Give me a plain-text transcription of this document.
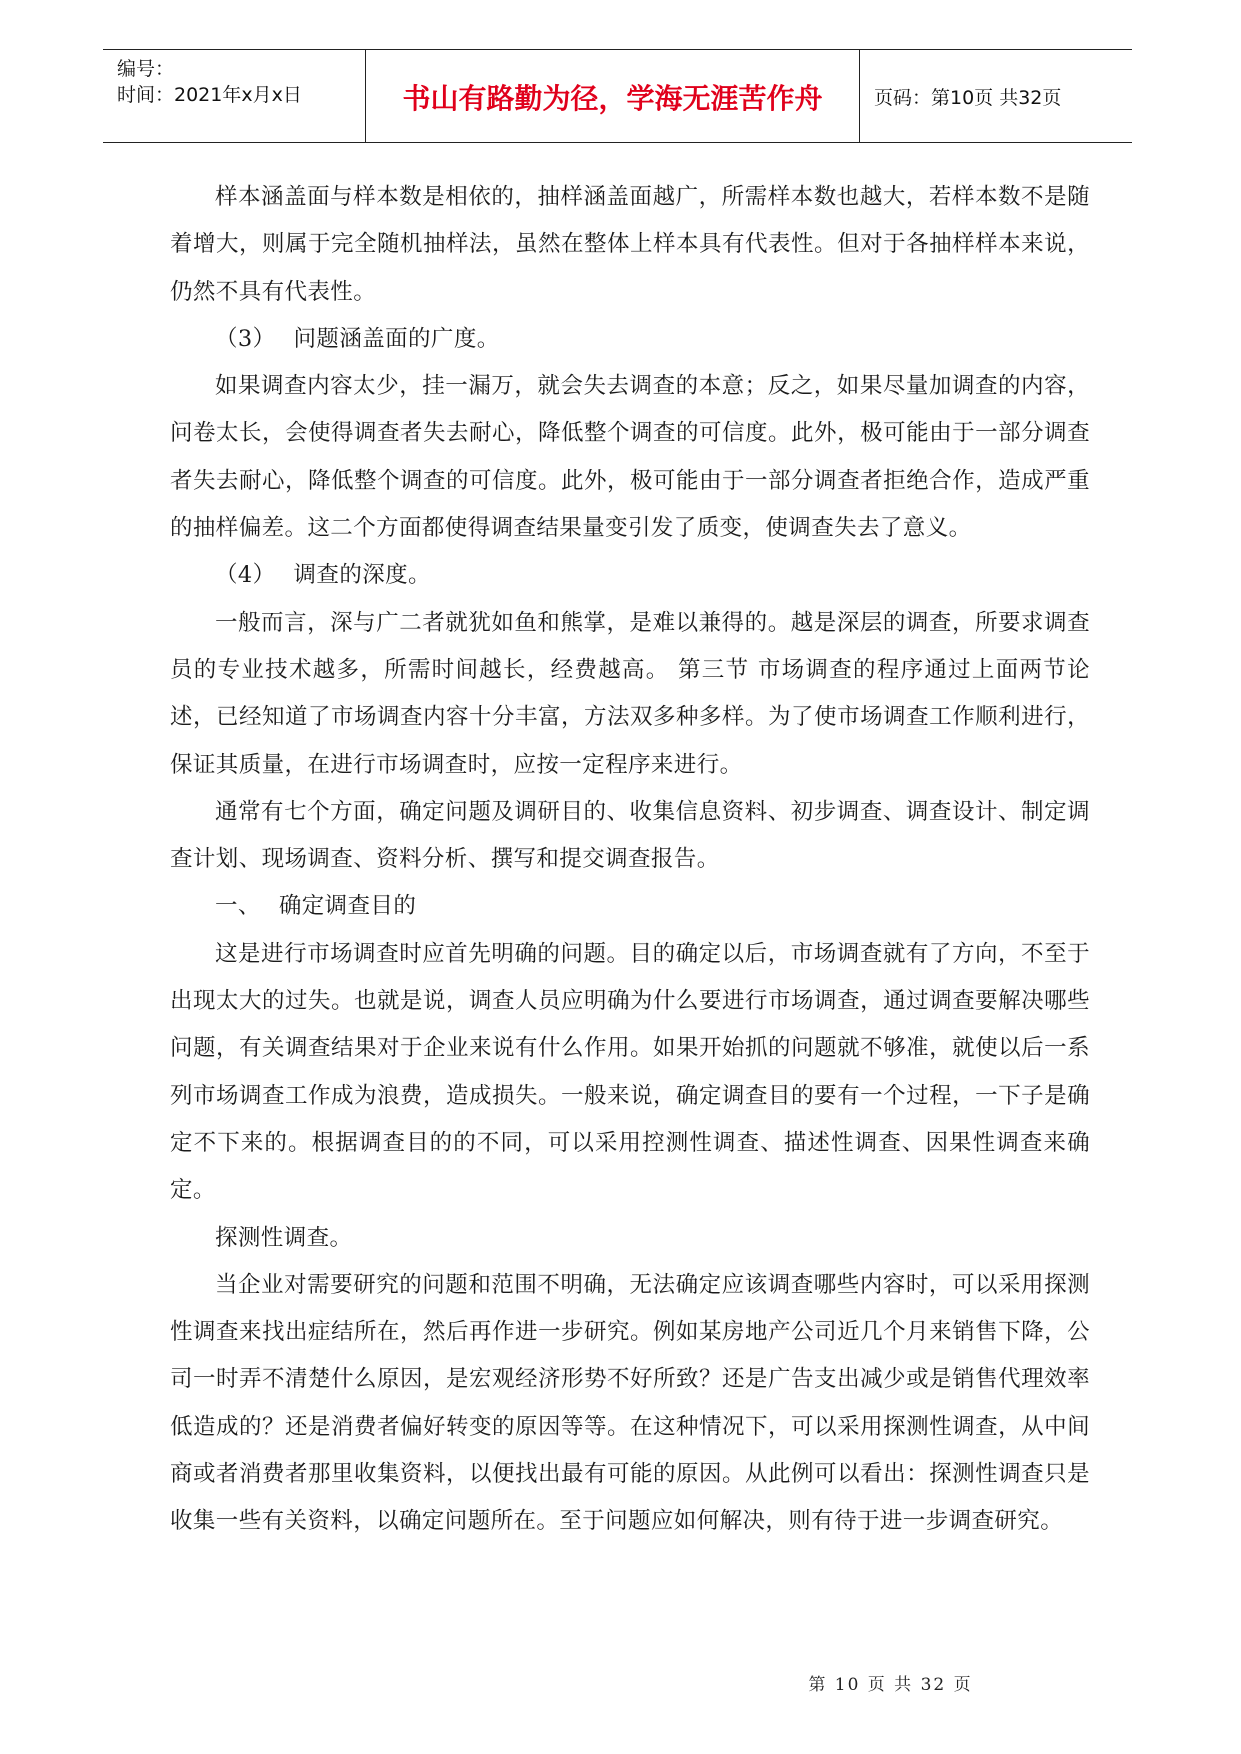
编号：
时间：2021年x月x日	书山有路勤为径，学海无涯苦作舟	页码：第10页 共32页

样本涵盖面与样本数是相依的，抽样涵盖面越广，所需样本数也越大，若样本数不是随着增大，则属于完全随机抽样法，虽然在整体上样本具有代表性。但对于各抽样样本来说，仍然不具有代表性。

（3） 问题涵盖面的广度。

如果调查内容太少，挂一漏万，就会失去调查的本意；反之，如果尽量加调查的内容，问卷太长，会使得调查者失去耐心，降低整个调查的可信度。此外，极可能由于一部分调查者失去耐心，降低整个调查的可信度。此外，极可能由于一部分调查者拒绝合作，造成严重的抽样偏差。这二个方面都使得调查结果量变引发了质变，使调查失去了意义。

（4） 调查的深度。

一般而言，深与广二者就犹如鱼和熊掌，是难以兼得的。越是深层的调查，所要求调查员的专业技术越多，所需时间越长，经费越高。 第三节 市场调查的程序通过上面两节论述，已经知道了市场调查内容十分丰富，方法双多种多样。为了使市场调查工作顺利进行，保证其质量，在进行市场调查时，应按一定程序来进行。

通常有七个方面，确定问题及调研目的、收集信息资料、初步调查、调查设计、制定调查计划、现场调查、资料分析、撰写和提交调查报告。

一、 确定调查目的

这是进行市场调查时应首先明确的问题。目的确定以后，市场调查就有了方向，不至于出现太大的过失。也就是说，调查人员应明确为什么要进行市场调查，通过调查要解决哪些问题，有关调查结果对于企业来说有什么作用。如果开始抓的问题就不够准，就使以后一系列市场调查工作成为浪费，造成损失。一般来说，确定调查目的要有一个过程，一下子是确定不下来的。根据调查目的的不同，可以采用控测性调查、描述性调查、因果性调查来确定。

探测性调查。

当企业对需要研究的问题和范围不明确，无法确定应该调查哪些内容时，可以采用探测性调查来找出症结所在，然后再作进一步研究。例如某房地产公司近几个月来销售下降，公司一时弄不清楚什么原因，是宏观经济形势不好所致？还是广告支出减少或是销售代理效率低造成的？还是消费者偏好转变的原因等等。在这种情况下，可以采用探测性调查，从中间商或者消费者那里收集资料，以便找出最有可能的原因。从此例可以看出：探测性调查只是收集一些有关资料，以确定问题所在。至于问题应如何解决，则有待于进一步调查研究。

第 10 页 共 32 页
